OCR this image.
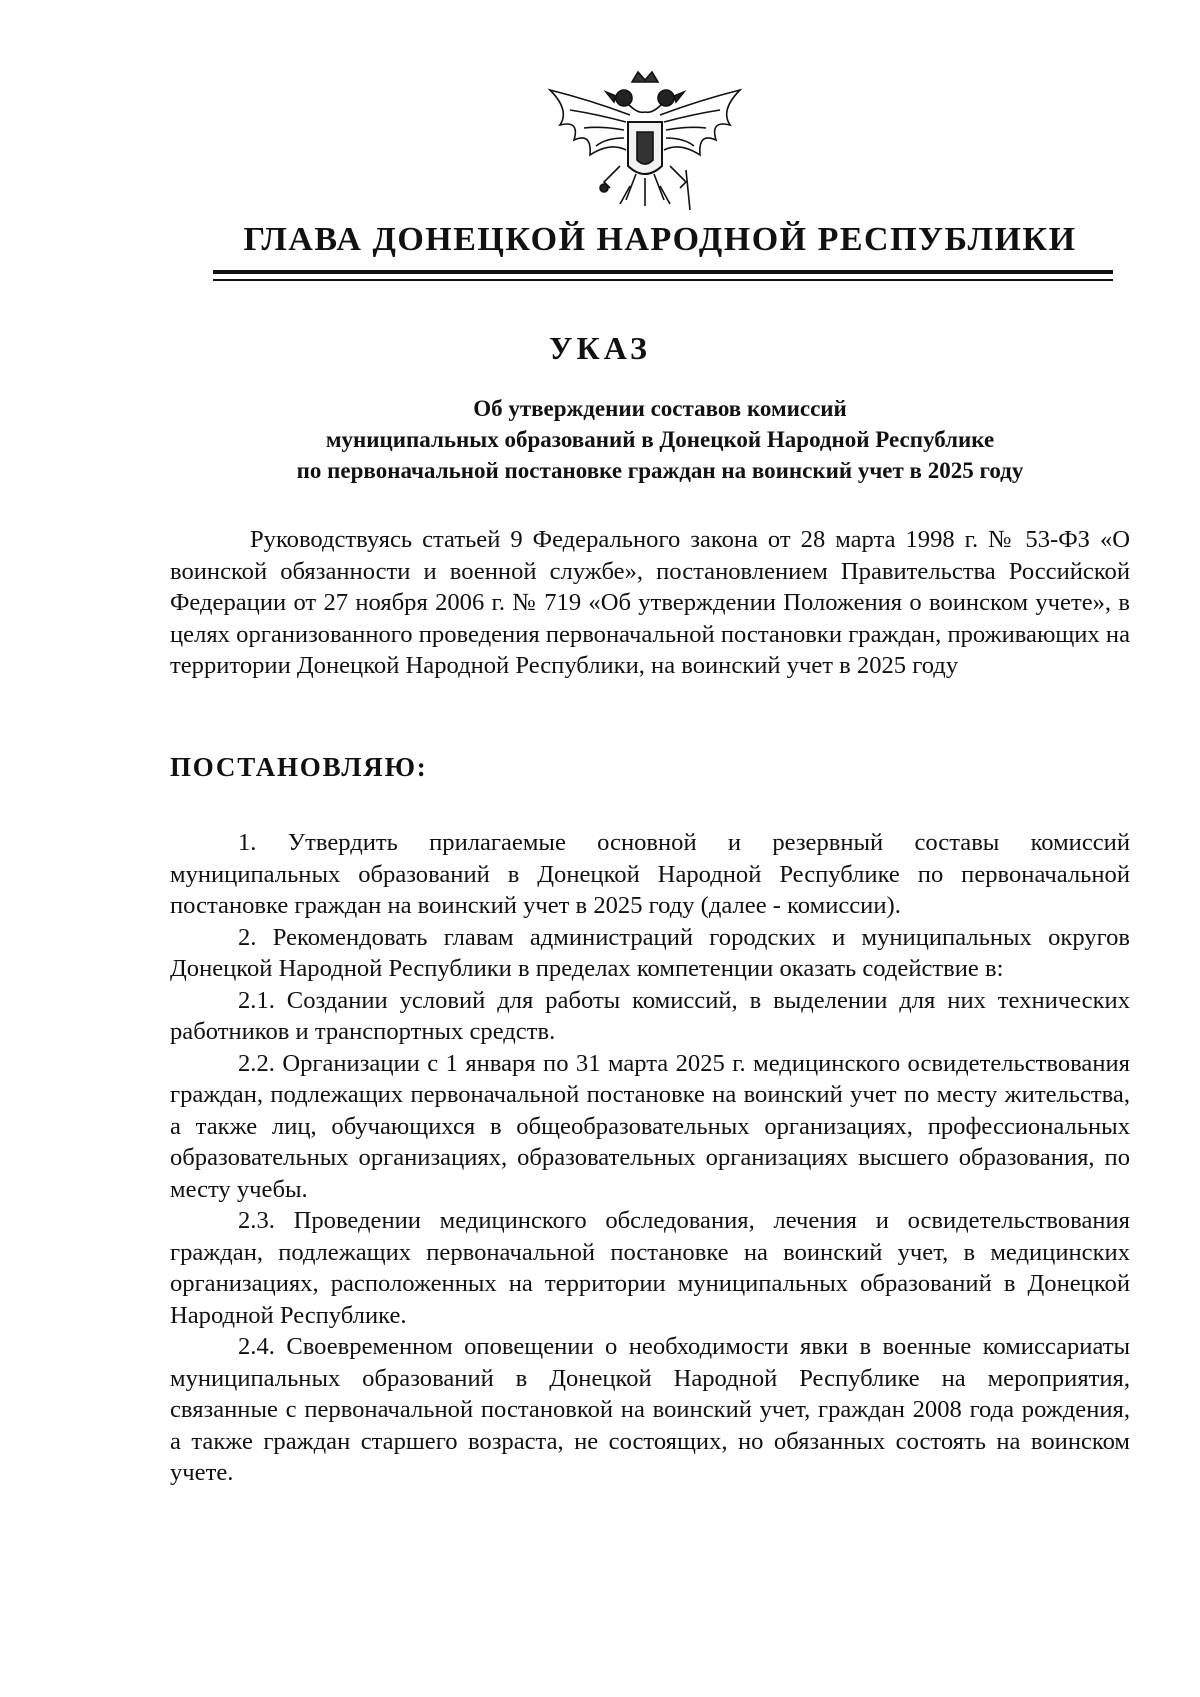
ГЛАВА ДОНЕЦКОЙ НАРОДНОЙ РЕСПУБЛИКИ
УКАЗ
Об утверждении составов комиссий
муниципальных образований в Донецкой Народной Республике
по первоначальной постановке граждан на воинский учет в 2025 году
Руководствуясь статьей 9 Федерального закона от 28 марта 1998 г. № 53-ФЗ «О воинской обязанности и военной службе», постановлением Правительства Российской Федерации от 27 ноября 2006 г. № 719 «Об утверждении Положения о воинском учете», в целях организованного проведения первоначальной постановки граждан, проживающих на территории Донецкой Народной Республики, на воинский учет в 2025 году
ПОСТАНОВЛЯЮ:

1. Утвердить прилагаемые основной и резервный составы комиссий муниципальных образований в Донецкой Народной Республике по первоначальной постановке граждан на воинский учет в 2025 году (далее - комиссии).

2. Рекомендовать главам администраций городских и муниципальных округов Донецкой Народной Республики в пределах компетенции оказать содействие в:

2.1. Создании условий для работы комиссий, в выделении для них технических работников и транспортных средств.

2.2. Организации с 1 января по 31 марта 2025 г. медицинского освидетельствования граждан, подлежащих первоначальной постановке на воинский учет по месту жительства, а также лиц, обучающихся в общеобразовательных организациях, профессиональных образовательных организациях, образовательных организациях высшего образования, по месту учебы.

2.3. Проведении медицинского обследования, лечения и освидетельствования граждан, подлежащих первоначальной постановке на воинский учет, в медицинских организациях, расположенных на территории муниципальных образований в Донецкой Народной Республике.

2.4. Своевременном оповещении о необходимости явки в военные комиссариаты муниципальных образований в Донецкой Народной Республике на мероприятия, связанные с первоначальной постановкой на воинский учет, граждан 2008 года рождения, а также граждан старшего возраста, не состоящих, но обязанных состоять на воинском учете.
